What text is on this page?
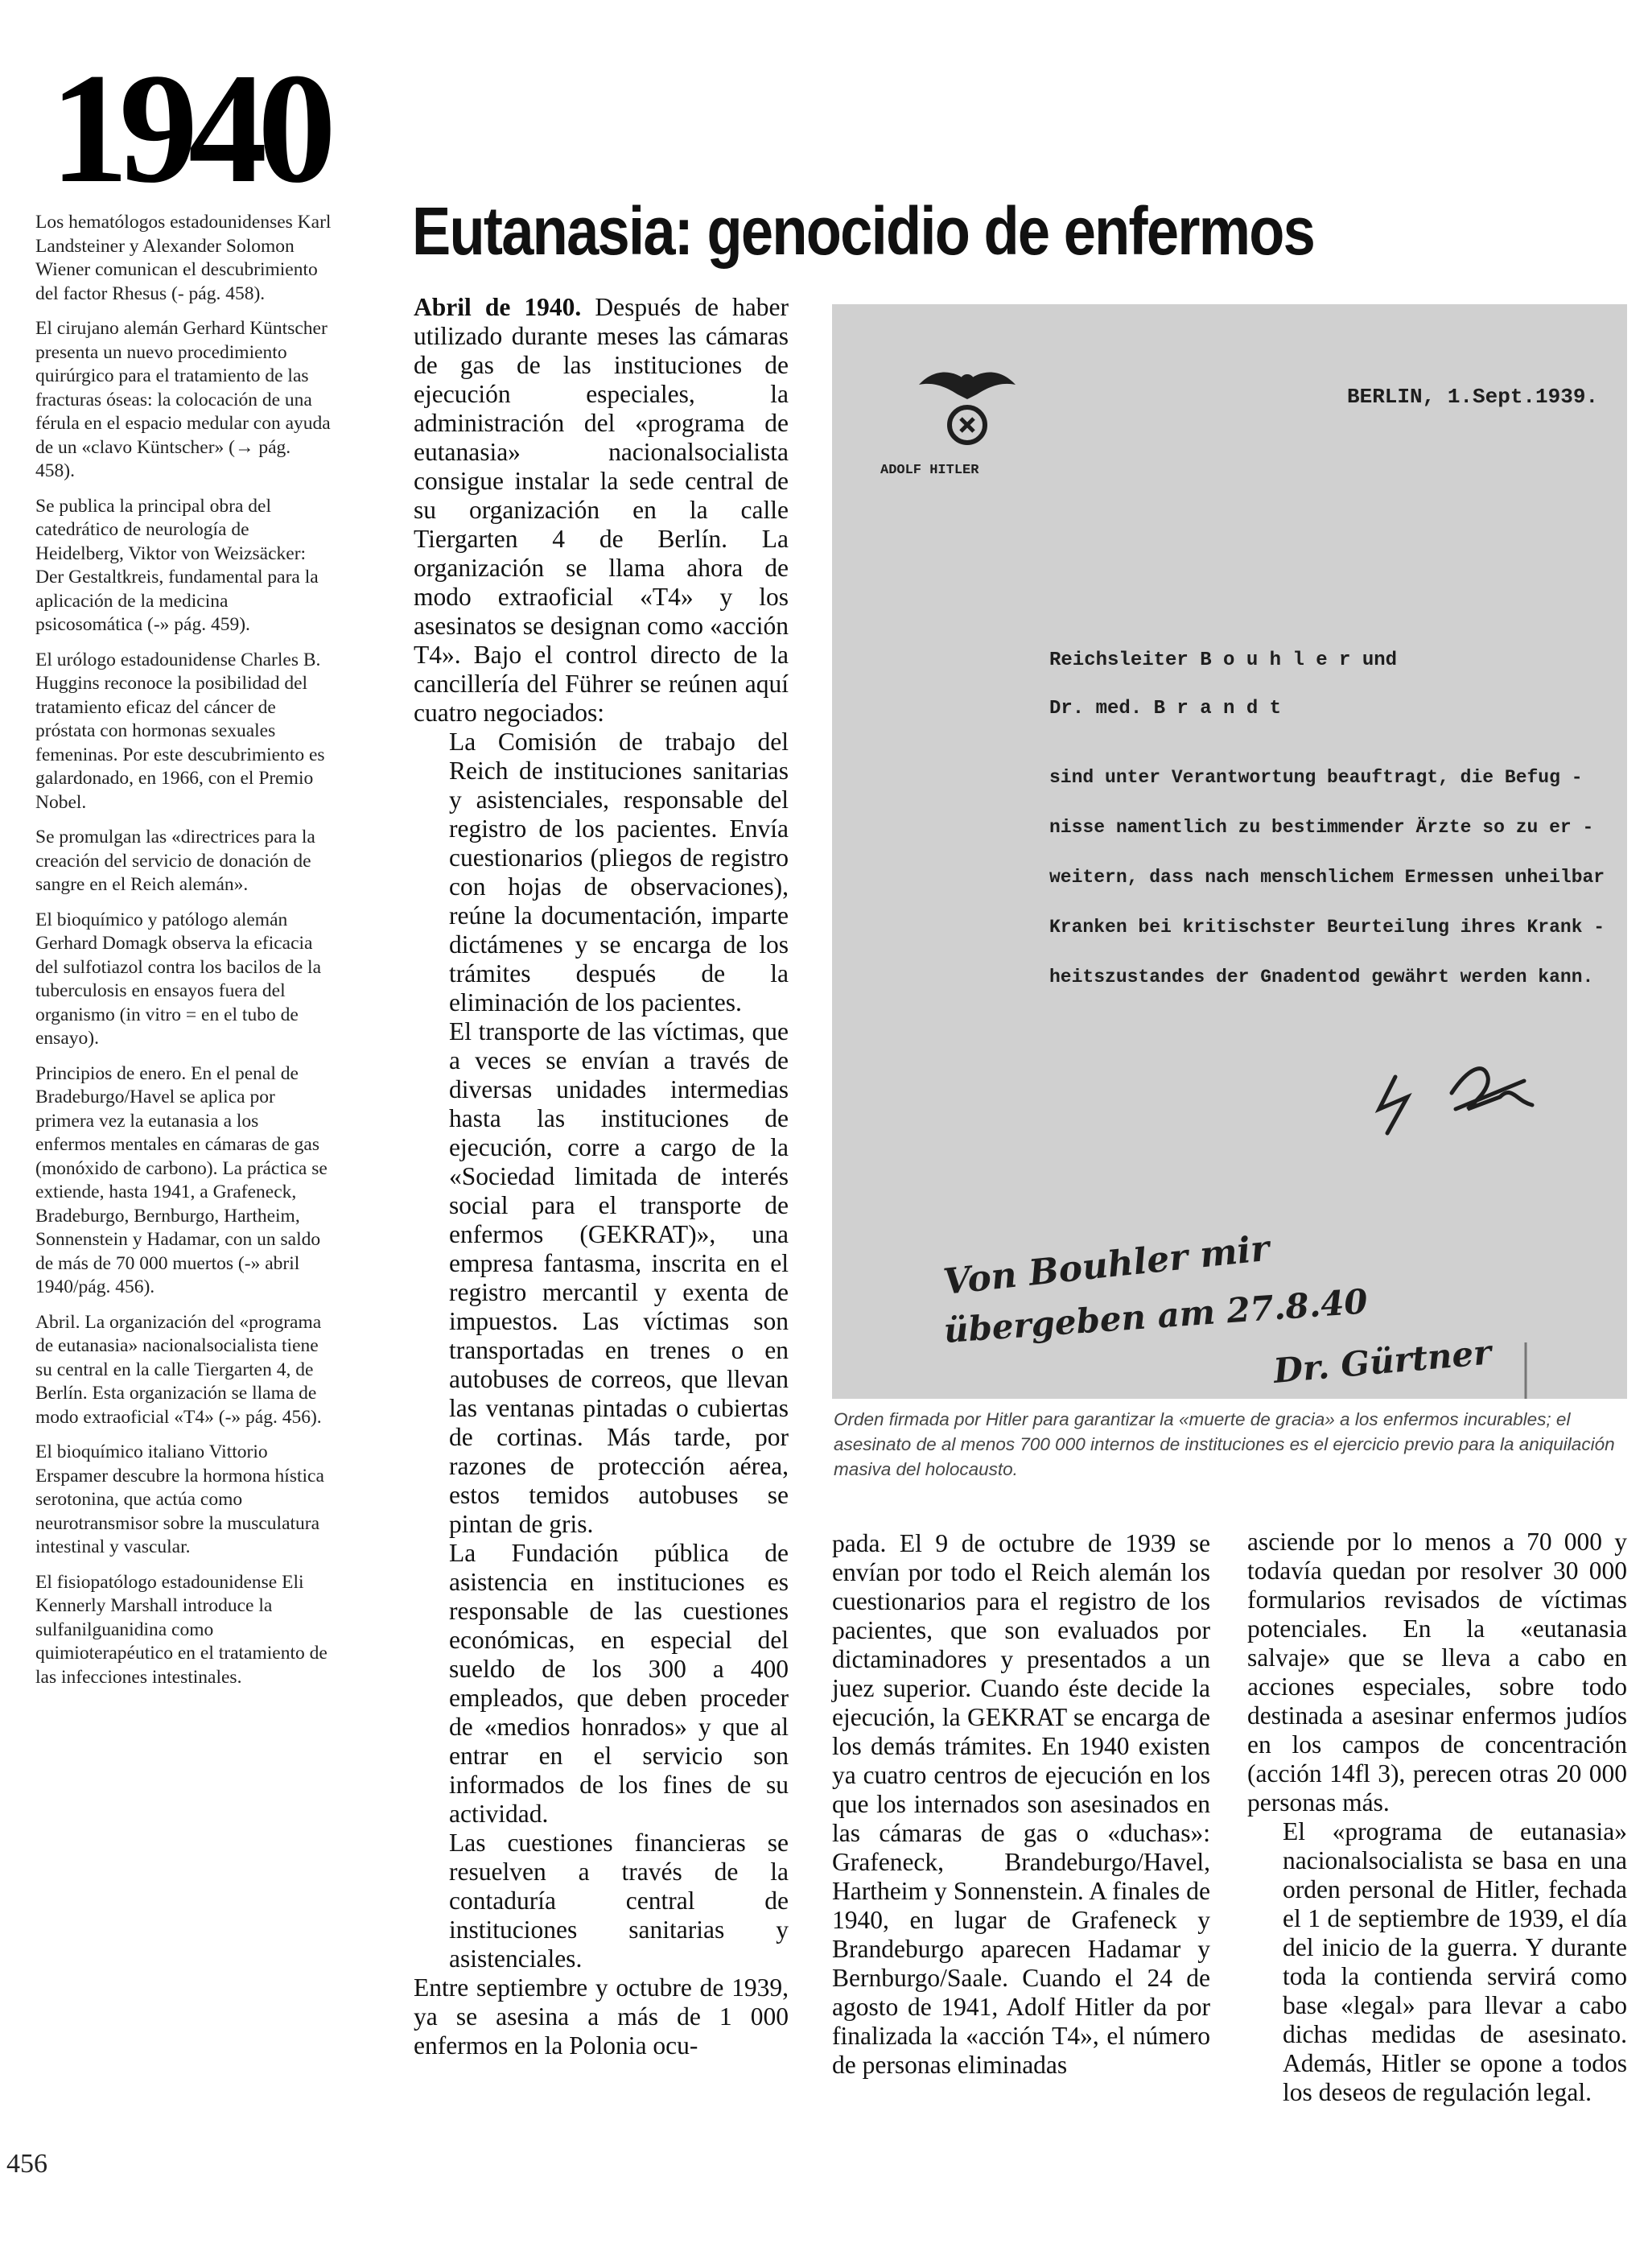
1940
Eutanasia: genocidio de enfermos

Los hematólogos estadounidenses Karl Landsteiner y Alexander Solomon Wiener comunican el descubrimiento del factor Rhesus (- pág. 458).

El cirujano alemán Gerhard Küntscher presenta un nuevo procedimiento quirúrgico para el tratamiento de las fracturas óseas: la colocación de una férula en el espacio medular con ayuda de un «clavo Küntscher» (→ pág. 458).

Se publica la principal obra del catedrático de neurología de Heidelberg, Viktor von Weizsäcker: Der Gestaltkreis, fundamental para la aplicación de la medicina psicosomática (-» pág. 459).

El urólogo estadounidense Charles B. Huggins reconoce la posibilidad del tratamiento eficaz del cáncer de próstata con hormonas sexuales femeninas. Por este descubrimiento es galardonado, en 1966, con el Premio Nobel.

Se promulgan las «directrices para la creación del servicio de donación de sangre en el Reich alemán».

El bioquímico y patólogo alemán Gerhard Domagk observa la eficacia del sulfotiazol contra los bacilos de la tuberculosis en ensayos fuera del organismo (in vitro = en el tubo de ensayo).

Principios de enero. En el penal de Bradeburgo/Havel se aplica por primera vez la eutanasia a los enfermos mentales en cámaras de gas (monóxido de carbono). La práctica se extiende, hasta 1941, a Grafeneck, Bradeburgo, Bernburgo, Hartheim, Sonnenstein y Hadamar, con un saldo de más de 70 000 muertos (-» abril 1940/pág. 456).

Abril. La organización del «programa de eutanasia» nacionalsocialista tiene su central en la calle Tiergarten 4, de Berlín. Esta organización se llama de modo extraoficial «T4» (-» pág. 456).

El bioquímico italiano Vittorio Erspamer descubre la hormona hística serotonina, que actúa como neurotransmisor sobre la musculatura intestinal y vascular.

El fisiopatólogo estadounidense Eli Kennerly Marshall introduce la sulfanilguanidina como quimioterapéutico en el tratamiento de las infecciones intestinales.

Abril de 1940. Después de haber utilizado durante meses las cámaras de gas de las instituciones de ejecución especiales, la administración del «programa de eutanasia» nacionalsocialista consigue instalar la sede central de su organización en la calle Tiergarten 4 de Berlín. La organización se llama ahora de modo extraoficial «T4» y los asesinatos se designan como «acción T4». Bajo el control directo de la cancillería del Führer se reúnen aquí cuatro negociados:

La Comisión de trabajo del Reich de instituciones sanitarias y asistenciales, responsable del registro de los pacientes. Envía cuestionarios (pliegos de registro con hojas de observaciones), reúne la documentación, imparte dictámenes y se encarga de los trámites después de la eliminación de los pacientes.

El transporte de las víctimas, que a veces se envían a través de diversas unidades intermedias hasta las instituciones de ejecución, corre a cargo de la «Sociedad limitada de interés social para el transporte de enfermos (GEKRAT)», una empresa fantasma, inscrita en el registro mercantil y exenta de impuestos. Las víctimas son transportadas en trenes o en autobuses de correos, que llevan las ventanas pintadas o cubiertas de cortinas. Más tarde, por razones de protección aérea, estos temidos autobuses se pintan de gris.

La Fundación pública de asistencia en instituciones es responsable de las cuestiones económicas, en especial del sueldo de los 300 a 400 empleados, que deben proceder de «medios honrados» y que al entrar en el servicio son informados de los fines de su actividad.

Las cuestiones financieras se resuelven a través de la contaduría central de instituciones sanitarias y asistenciales.

Entre septiembre y octubre de 1939, ya se asesina a más de 1 000 enfermos en la Polonia ocu-

ADOLF HITLER
BERLIN, 1.Sept.1939.
Reichsleiter B o u h l e r und
Dr. med. B r a n d t
sind unter Verantwortung beauftragt, die Befug -
nisse namentlich zu bestimmender Ärzte so zu er -
weitern, dass nach menschlichem Ermessen unheilbar
Kranken bei kritischster Beurteilung ihres Krank -
heitszustandes der Gnadentod gewährt werden kann.
Von Bouhler mir
übergeben am 27.8.40
Dr. Gürtner
Orden firmada por Hitler para garantizar la «muerte de gracia» a los enfermos incurables; el asesinato de al menos 700 000 internos de instituciones es el ejercicio previo para la aniquilación masiva del holocausto.

pada. El 9 de octubre de 1939 se envían por todo el Reich alemán los cuestionarios para el registro de los pacientes, que son evaluados por dictaminadores y presentados a un juez superior. Cuando éste decide la ejecución, la GEKRAT se encarga de los demás trámites. En 1940 existen ya cuatro centros de ejecución en los que los internados son asesinados en las cámaras de gas o «duchas»: Grafeneck, Brandeburgo/Havel, Hartheim y Sonnenstein. A finales de 1940, en lugar de Grafeneck y Brandeburgo aparecen Hadamar y Bernburgo/Saale. Cuando el 24 de agosto de 1941, Adolf Hitler da por finalizada la «acción T4», el número de personas eliminadas

asciende por lo menos a 70 000 y todavía quedan por resolver 30 000 formularios revisados de víctimas potenciales. En la «eutanasia salvaje» que se lleva a cabo en acciones especiales, sobre todo destinada a asesinar enfermos judíos en los campos de concentración (acción 14fl 3), perecen otras 20 000 personas más.

El «programa de eutanasia» nacionalsocialista se basa en una orden personal de Hitler, fechada el 1 de septiembre de 1939, el día del inicio de la guerra. Y durante toda la contienda servirá como base «legal» para llevar a cabo dichas medidas de asesinato. Además, Hitler se opone a todos los deseos de regulación legal.

456
